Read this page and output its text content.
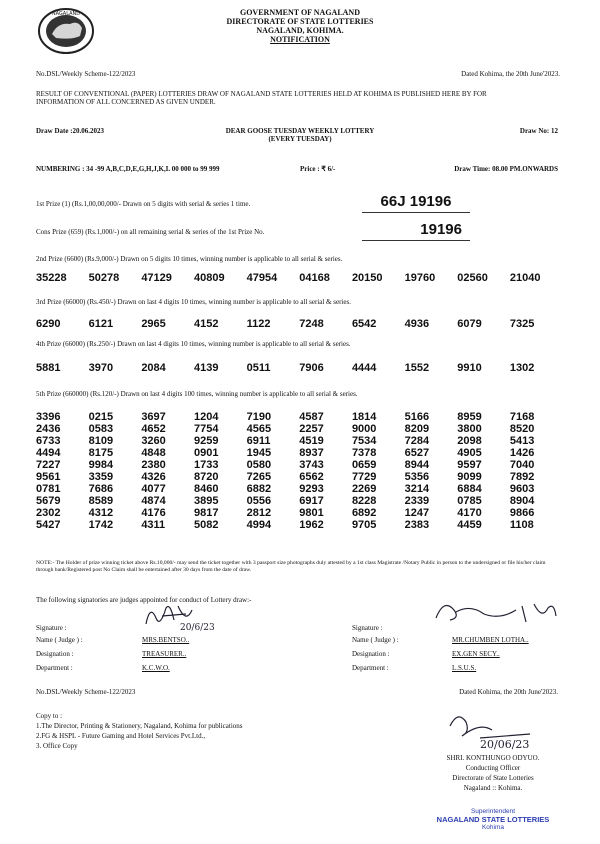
NAGALAND	GOVERNMENT OF NAGALAND
DIRECTORATE OF STATE LOTTERIES
NAGALAND, KOHIMA.
NOTIFICATION
No.DSL/Weekly Scheme-122/2023	Dated Kohima, the 20th June'2023.
RESULT OF CONVENTIONAL (PAPER) LOTTERIES DRAW OF NAGALAND STATE LOTTERIES HELD AT KOHIMA IS PUBLISHED HERE BY FOR INFORMATION OF ALL CONCERNED AS GIVEN UNDER.
Draw Date :20.06.2023	DEAR GOOSE TUESDAY WEEKLY LOTTERY
(EVERY TUESDAY)
Draw No: 12
NUMBERING : 34 -99 A,B,C,D,E,G,H,J,K,L 00 000 to 99 999	Price : ₹ 6/-	Draw Time: 08.00 PM.ONWARDS
1st Prize (1) (Rs.1,00,00,000/- Drawn on 5 digits with serial & series 1 time.	66J 19196
Cons Prize (659) (Rs.1,000/-) on all remaining serial & series of the 1st Prize No.	19196
2nd Prize (6600) (Rs.9,000/-) Drawn on 5 digits 10 times, winning number is applicable to all serial & series.
35228	50278	47129	40809	47954	04168	20150	19760	02560	21040
3rd Prize (66000) (Rs.450/-) Drawn on last 4 digits 10 times, winning number is applicable to all serial & series.
6290	6121	2965	4152	1122	7248	6542	4936	6079	7325
4th Prize (66000) (Rs.250/-) Drawn on last 4 digits 10 times, winning number is applicable to all serial & series.
5881	3970	2084	4139	0511	7906	4444	1552	9910	1302
5th Prize (660000) (Rs.120/-) Drawn on last 4 digits 100 times, winning number is applicable to all serial & series.
3396	0215	3697	1204	7190	4587	1814	5166	8959	7168
2436	0583	4652	7754	4565	2257	9000	8209	3800	8520
6733	8109	3260	9259	6911	4519	7534	7284	2098	5413
4494	8175	4848	0901	1945	8937	7378	6527	4905	1426
7227	9984	2380	1733	0580	3743	0659	8944	9597	7040
9561	3359	4326	8720	7265	6562	7729	5356	9099	7892
0781	7686	4077	8460	6882	9293	2269	3214	6884	9603
5679	8589	4874	3895	0556	6917	8228	2339	0785	8904
2302	4312	4176	9817	2812	9801	6892	1247	4170	9866
5427	1742	4311	5082	4994	1962	9705	2383	4459	1108
NOTE:- The Holder of prize winning ticket above Rs.10,000/- may send the ticket together with 3 passport size photographs duly attested by a 1st class Magistrate /Notary Public in person to the undersigned or file his/her claim through bank/Registered post No Claim shall be entertained after 30 days from the date of draw.
The following signatories are judges appointed for conduct of Lottery draw:-
Signature :	20/6/23
Name ( Judge ) :	MRS.BENTSO..
Designation :	TREASURER..
Department :	K.C.W.O.
Signature :
Name ( Judge ) :	MR.CHUMBEN LOTHA..
Designation :	EX.GEN SECY..
Department :	L.S.U.S.
No.DSL/Weekly Scheme-122/2023	Dated Kohima, the 20th June'2023.
Copy to :
1.The Director, Printing & Stationery, Nagaland, Kohima for publications
2.FG & HSPL - Future Gaming and Hotel Services Pvt.Ltd.,
3. Office Copy	20/06/23
SHRI. KONTHUNGO ODYUO.
Conducting Officer
Directorate of State Lotteries
Nagaland :: Kohima.
Superintendent
NAGALAND STATE LOTTERIES
Kohima
